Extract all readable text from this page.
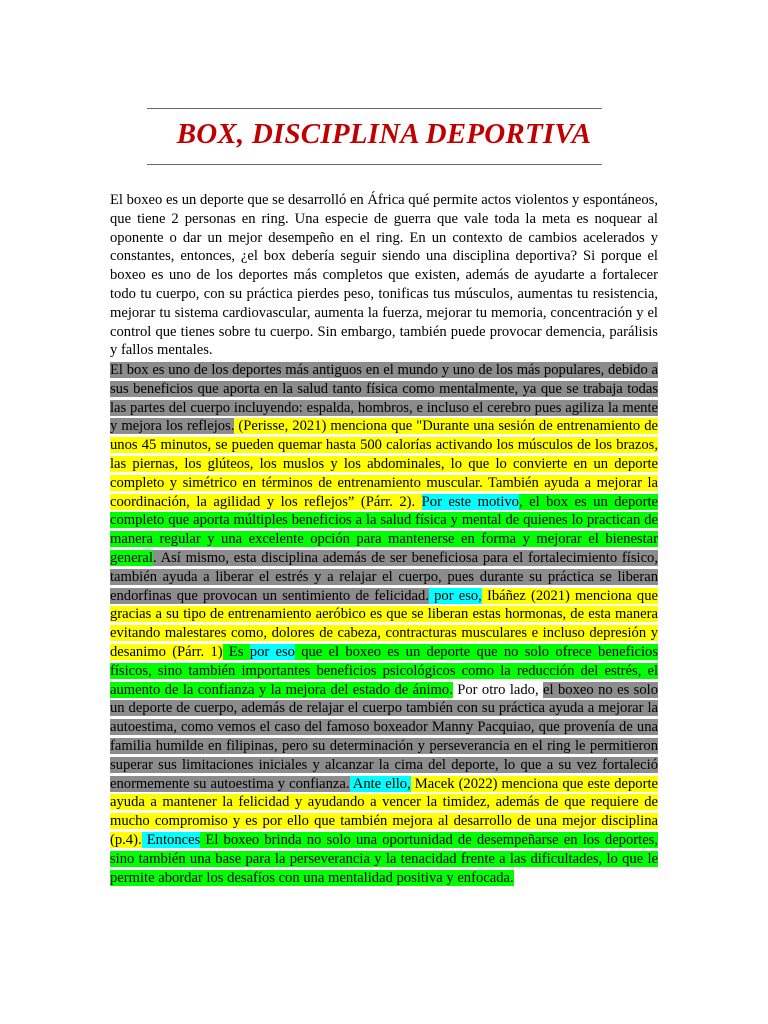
BOX, DISCIPLINA DEPORTIVA

El boxeo es un deporte que se desarrolló en África qué permite actos violentos y espontáneos, que tiene 2 personas en ring. Una especie de guerra que vale toda la meta es noquear al oponente o dar un mejor desempeño en el ring. En un contexto de cambios acelerados y constantes, entonces, ¿el box debería seguir siendo una disciplina deportiva? Si porque el boxeo es uno de los deportes más completos que existen, además de ayudarte a fortalecer todo tu cuerpo, con su práctica pierdes peso, tonificas tus músculos, aumentas tu resistencia, mejorar tu sistema cardiovascular, aumenta la fuerza, mejorar tu memoria, concentración y el control que tienes sobre tu cuerpo. Sin embargo, también puede provocar demencia, parálisis y fallos mentales.

El box es uno de los deportes más antiguos en el mundo y uno de los más populares, debido a sus beneficios que aporta en la salud tanto física como mentalmente, ya que se trabaja todas las partes del cuerpo incluyendo: espalda, hombros, e incluso el cerebro pues agiliza la mente y mejora los reflejos. (Perisse, 2021) menciona que "Durante una sesión de entrenamiento de unos 45 minutos, se pueden quemar hasta 500 calorías activando los músculos de los brazos, las piernas, los glúteos, los muslos y los abdominales, lo que lo convierte en un deporte completo y simétrico en términos de entrenamiento muscular. También ayuda a mejorar la coordinación, la agilidad y los reflejos” (Párr. 2). Por este motivo, el box es un deporte completo que aporta múltiples beneficios a la salud física y mental de quienes lo practican de manera regular y una excelente opción para mantenerse en forma y mejorar el bienestar general. Así mismo, esta disciplina además de ser beneficiosa para el fortalecimiento físico, también ayuda a liberar el estrés y a relajar el cuerpo, pues durante su práctica se liberan endorfinas que provocan un sentimiento de felicidad. por eso, Ibáñez (2021) menciona que gracias a su tipo de entrenamiento aeróbico es que se liberan estas hormonas, de esta manera evitando malestares como, dolores de cabeza, contracturas musculares e incluso depresión y desanimo (Párr. 1) Es por eso que el boxeo es un deporte que no solo ofrece beneficios físicos, sino también importantes beneficios psicológicos como la reducción del estrés, el aumento de la confianza y la mejora del estado de ánimo. Por otro lado, el boxeo no es solo un deporte de cuerpo, además de relajar el cuerpo también con su práctica ayuda a mejorar la autoestima, como vemos el caso del famoso boxeador Manny Pacquiao, que provenía de una familia humilde en filipinas, pero su determinación y perseverancia en el ring le permitieron superar sus limitaciones iniciales y alcanzar la cima del deporte, lo que a su vez fortaleció enormemente su autoestima y confianza. Ante ello, Macek (2022) menciona que este deporte ayuda a mantener la felicidad y ayudando a vencer la timidez, además de que requiere de mucho compromiso y es por ello que también mejora al desarrollo de una mejor disciplina (p.4). Entonces El boxeo brinda no solo una oportunidad de desempeñarse en los deportes, sino también una base para la perseverancia y la tenacidad frente a las dificultades, lo que le permite abordar los desafíos con una mentalidad positiva y enfocada.
